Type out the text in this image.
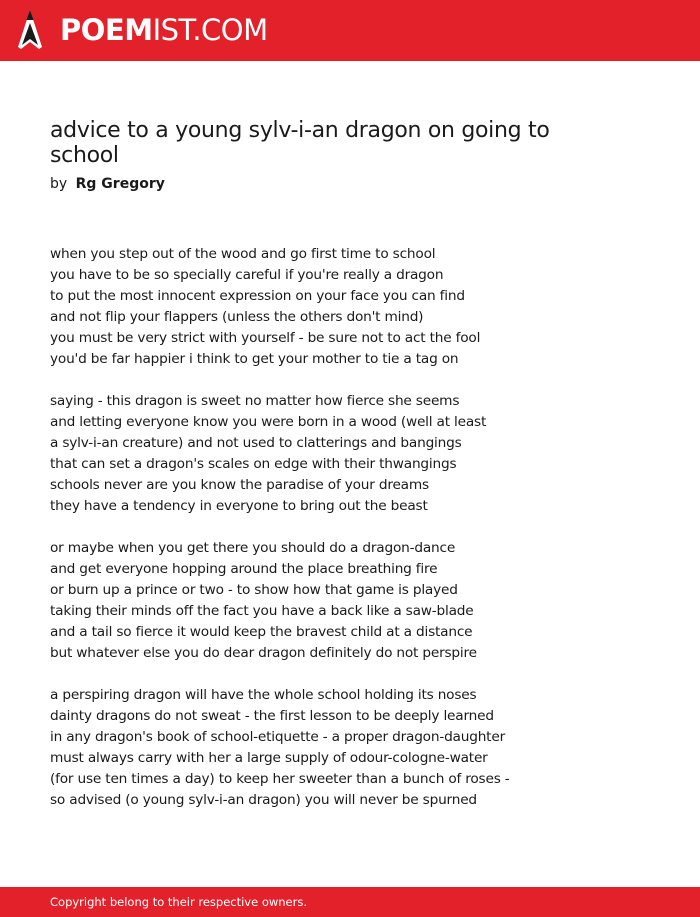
POEMIST.COM
advice to a young sylv-i-an dragon on going to school
by Rg Gregory
when you step out of the wood and go first time to school
you have to be so specially careful if you're really a dragon
to put the most innocent expression on your face you can find
and not flip your flappers (unless the others don't mind)
you must be very strict with yourself - be sure not to act the fool
you'd be far happier i think to get your mother to tie a tag on
saying - this dragon is sweet no matter how fierce she seems
and letting everyone know you were born in a wood (well at least
a sylv-i-an creature) and not used to clatterings and bangings
that can set a dragon's scales on edge with their thwangings
schools never are you know the paradise of your dreams
they have a tendency in everyone to bring out the beast
or maybe when you get there you should do a dragon-dance
and get everyone hopping around the place breathing fire
or burn up a prince or two - to show how that game is played
taking their minds off the fact you have a back like a saw-blade
and a tail so fierce it would keep the bravest child at a distance
but whatever else you do dear dragon definitely do not perspire
a perspiring dragon will have the whole school holding its noses
dainty dragons do not sweat - the first lesson to be deeply learned
in any dragon's book of school-etiquette - a proper dragon-daughter
must always carry with her a large supply of odour-cologne-water
(for use ten times a day) to keep her sweeter than a bunch of roses -
so advised (o young sylv-i-an dragon) you will never be spurned
Copyright belong to their respective owners.
